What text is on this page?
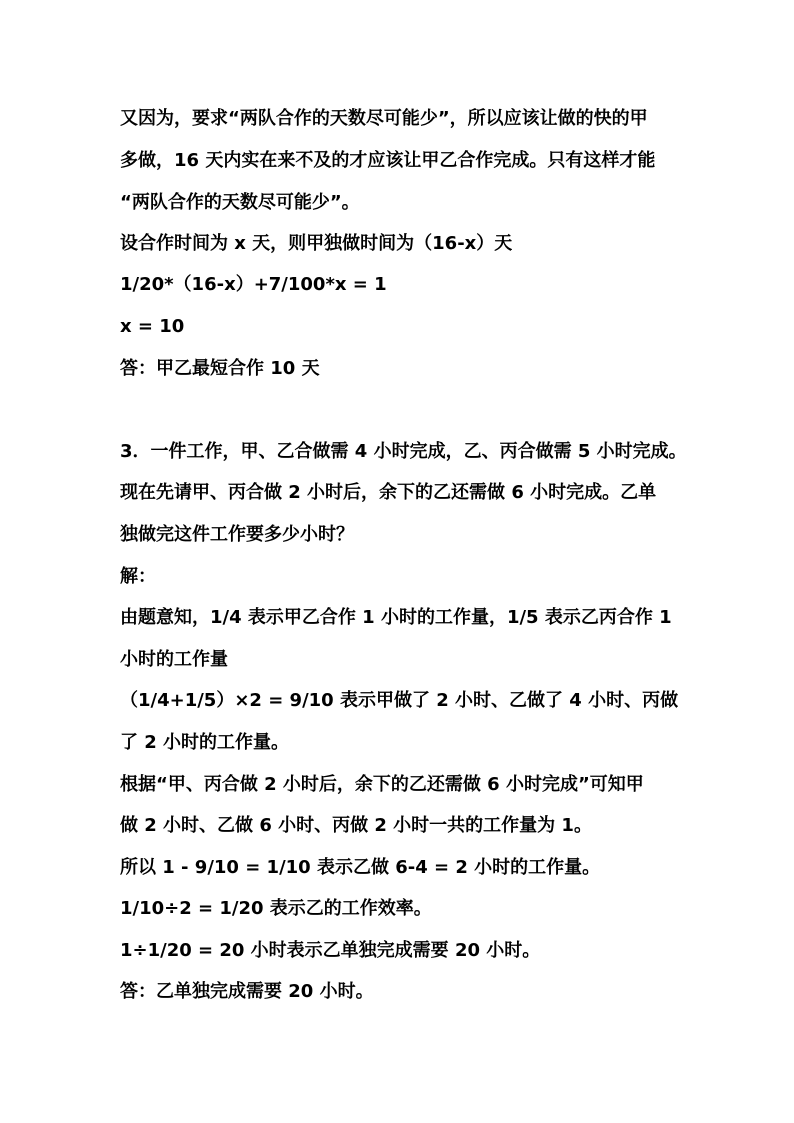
又因为，要求“两队合作的天数尽可能少”，所以应该让做的快的甲
多做，16 天内实在来不及的才应该让甲乙合作完成。只有这样才能
“两队合作的天数尽可能少”。
设合作时间为 x 天，则甲独做时间为（16-x）天
1/20*（16-x）+7/100*x = 1
x = 10
答：甲乙最短合作 10 天
3．一件工作，甲、乙合做需 4 小时完成，乙、丙合做需 5 小时完成。
现在先请甲、丙合做 2 小时后，余下的乙还需做 6 小时完成。乙单
独做完这件工作要多少小时？
解：
由题意知，1/4 表示甲乙合作 1 小时的工作量，1/5 表示乙丙合作 1
小时的工作量
（1/4+1/5）×2 = 9/10 表示甲做了 2 小时、乙做了 4 小时、丙做
了 2 小时的工作量。
根据“甲、丙合做 2 小时后，余下的乙还需做 6 小时完成”可知甲
做 2 小时、乙做 6 小时、丙做 2 小时一共的工作量为 1。
所以 1 - 9/10 = 1/10 表示乙做 6-4 = 2 小时的工作量。
1/10÷2 = 1/20 表示乙的工作效率。
1÷1/20 = 20 小时表示乙单独完成需要 20 小时。
答：乙单独完成需要 20 小时。
